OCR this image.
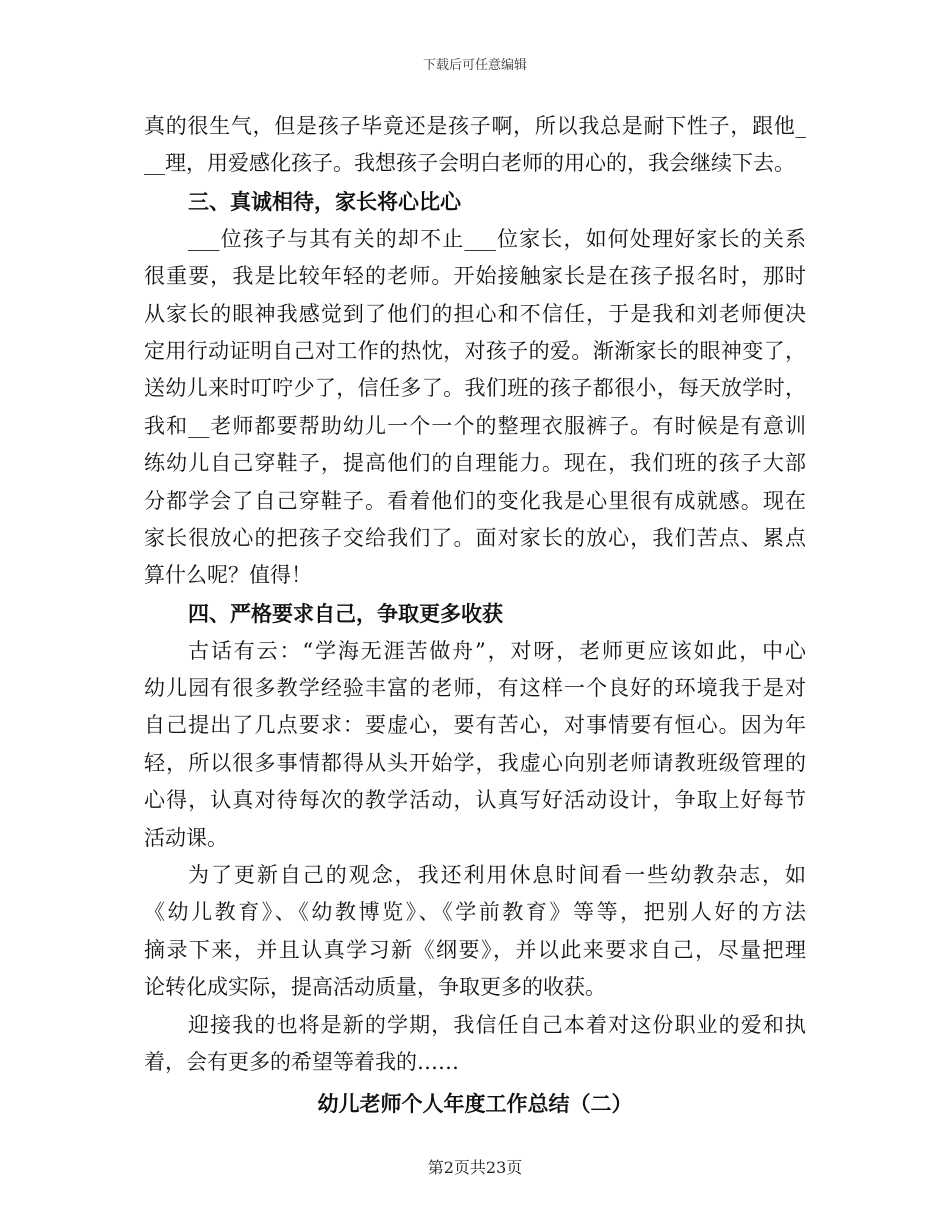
下载后可任意编辑
真的很生气，但是孩子毕竟还是孩子啊，所以我总是耐下性子，跟他_
__理，用爱感化孩子。我想孩子会明白老师的用心的，我会继续下去。
三、真诚相待，家长将心比心
___位孩子与其有关的却不止___位家长，如何处理好家长的关系
很重要，我是比较年轻的老师。开始接触家长是在孩子报名时，那时
从家长的眼神我感觉到了他们的担心和不信任，于是我和刘老师便决
定用行动证明自己对工作的热忱，对孩子的爱。渐渐家长的眼神变了，
送幼儿来时叮咛少了，信任多了。我们班的孩子都很小，每天放学时，
我和__老师都要帮助幼儿一个一个的整理衣服裤子。有时候是有意训
练幼儿自己穿鞋子，提高他们的自理能力。现在，我们班的孩子大部
分都学会了自己穿鞋子。看着他们的变化我是心里很有成就感。现在
家长很放心的把孩子交给我们了。面对家长的放心，我们苦点、累点
算什么呢？值得！
四、严格要求自己，争取更多收获
古话有云：“学海无涯苦做舟”，对呀，老师更应该如此，中心
幼儿园有很多教学经验丰富的老师，有这样一个良好的环境我于是对
自己提出了几点要求：要虚心，要有苦心，对事情要有恒心。因为年
轻，所以很多事情都得从头开始学，我虚心向别老师请教班级管理的
心得，认真对待每次的教学活动，认真写好活动设计，争取上好每节
活动课。
为了更新自己的观念，我还利用休息时间看一些幼教杂志，如
《幼儿教育》、《幼教博览》、《学前教育》等等，把别人好的方法
摘录下来，并且认真学习新《纲要》，并以此来要求自己，尽量把理
论转化成实际，提高活动质量，争取更多的收获。
迎接我的也将是新的学期，我信任自己本着对这份职业的爱和执
着，会有更多的希望等着我的……
幼儿老师个人年度工作总结（二）
第2页共23页
